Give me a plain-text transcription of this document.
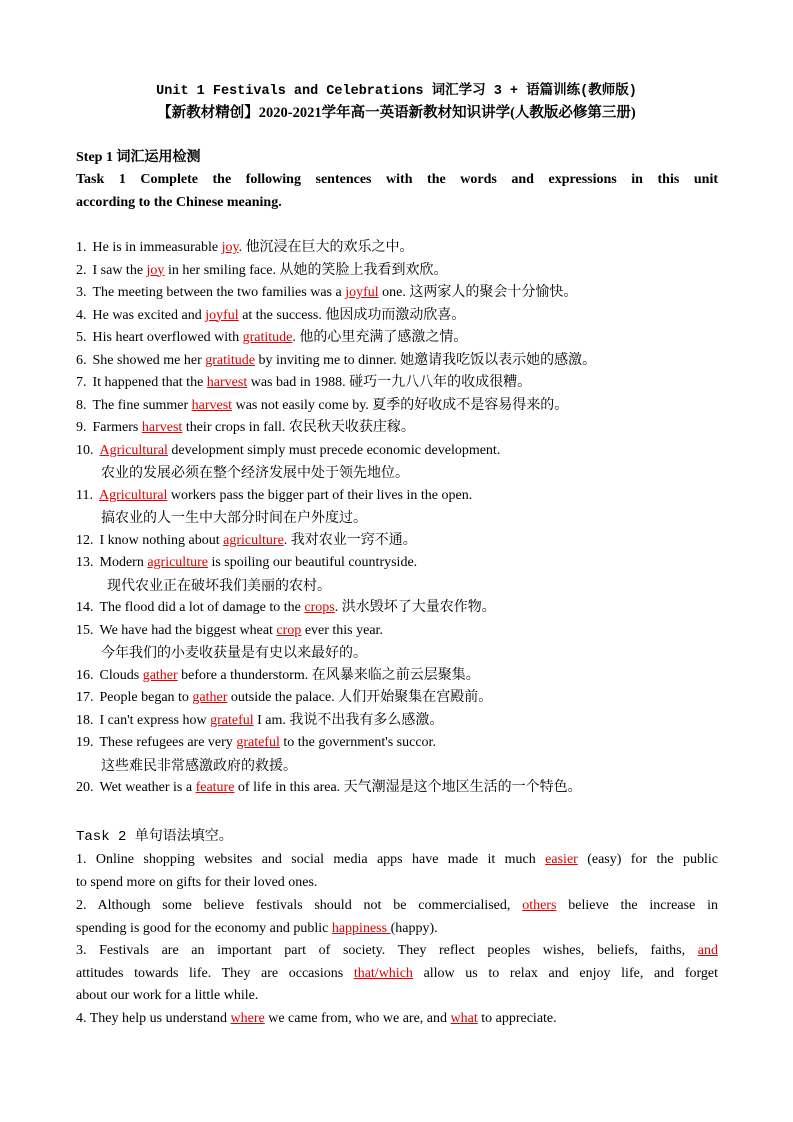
Unit 1 Festivals and Celebrations 词汇学习 3 + 语篇训练(教师版)
【新教材精创】2020-2021学年高一英语新教材知识讲学(人教版必修第三册)
Step 1 词汇运用检测
Task 1 Complete the following sentences with the words and expressions in this unit
according to the Chinese meaning.
1. He is in immeasurable joy. 他沉浸在巨大的欢乐之中。
2. I saw the joy in her smiling face. 从她的笑脸上我看到欢欣。
3. The meeting between the two families was a joyful one. 这两家人的聚会十分愉快。
4. He was excited and joyful at the success. 他因成功而激动欣喜。
5. His heart overflowed with gratitude. 他的心里充满了感激之情。
6. She showed me her gratitude by inviting me to dinner. 她邀请我吃饭以表示她的感激。
7. It happened that the harvest was bad in 1988. 碰巧一九八八年的收成很糟。
8. The fine summer harvest was not easily come by. 夏季的好收成不是容易得来的。
9. Farmers harvest their crops in fall. 农民秋天收获庄稼。
10. Agricultural development simply must precede economic development.
农业的发展必须在整个经济发展中处于领先地位。
11. Agricultural workers pass the bigger part of their lives in the open.
搞农业的人一生中大部分时间在户外度过。
12. I know nothing about agriculture. 我对农业一窍不通。
13. Modern agriculture is spoiling our beautiful countryside.
现代农业正在破坏我们美丽的农村。
14. The flood did a lot of damage to the crops. 洪水毁坏了大量农作物。
15. We have had the biggest wheat crop ever this year.
今年我们的小麦收获量是有史以来最好的。
16. Clouds gather before a thunderstorm. 在风暴来临之前云层聚集。
17. People began to gather outside the palace. 人们开始聚集在宫殿前。
18. I can't express how grateful I am. 我说不出我有多么感激。
19. These refugees are very grateful to the government's succor.
这些难民非常感激政府的救援。
20. Wet weather is a feature of life in this area. 天气潮湿是这个地区生活的一个特色。
Task 2 单句语法填空。
1. Online shopping websites and social media apps have made it much easier (easy) for the public
to spend more on gifts for their loved ones.
2. Although some believe festivals should not be commercialised, others believe the increase in
spending is good for the economy and public happiness (happy).
3. Festivals are an important part of society. They reflect peoples wishes, beliefs, faiths, and
attitudes towards life. They are occasions that/which allow us to relax and enjoy life, and forget
about our work for a little while.
4. They help us understand where we came from, who we are, and what to appreciate.
